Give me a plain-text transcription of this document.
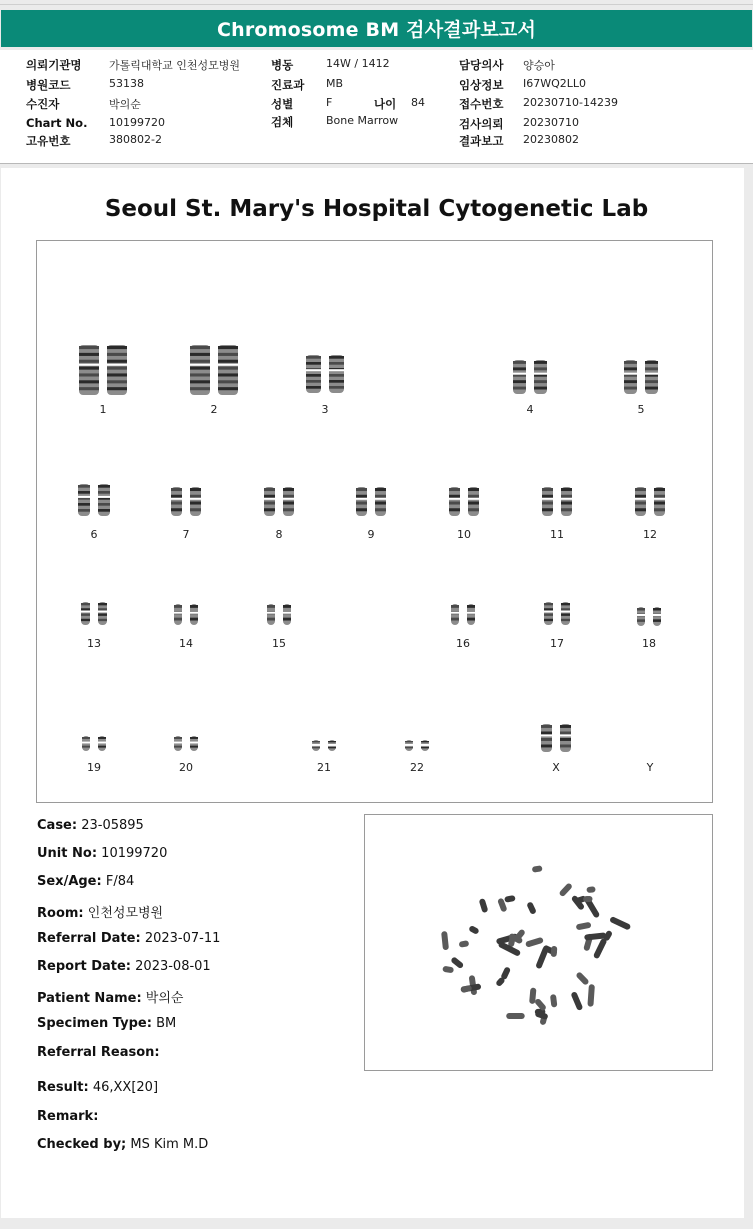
Chromosome BM 검사결과보고서
의뢰기관명 가톨릭대학교 인천성모병원
병원코드	53138
수진자	박의순
Chart No. 10199720
고유번호	380802-2
병동	14W / 1412
진료과 MB
성별	F	나이 84
검체	Bone Marrow
담당의사 양승아
임상정보 I67WQ2LL0
접수번호 20230710-14239
검사의뢰 20230710
결과보고 20230802
Seoul St. Mary's Hospital Cytogenetic Lab
1	2	3	4	5
6	7	8	9	10	11	12
13	14	15	16	17	18
19	20	21	22	X	Y
Case: 23-05895
Unit No: 10199720
Sex/Age: F/84
Room: 인천성모병원
Referral Date: 2023-07-11
Report Date: 2023-08-01
Patient Name: 박의순
Specimen Type: BM
Referral Reason:
Result: 46,XX[20]
Remark:
Checked by; MS Kim M.D
